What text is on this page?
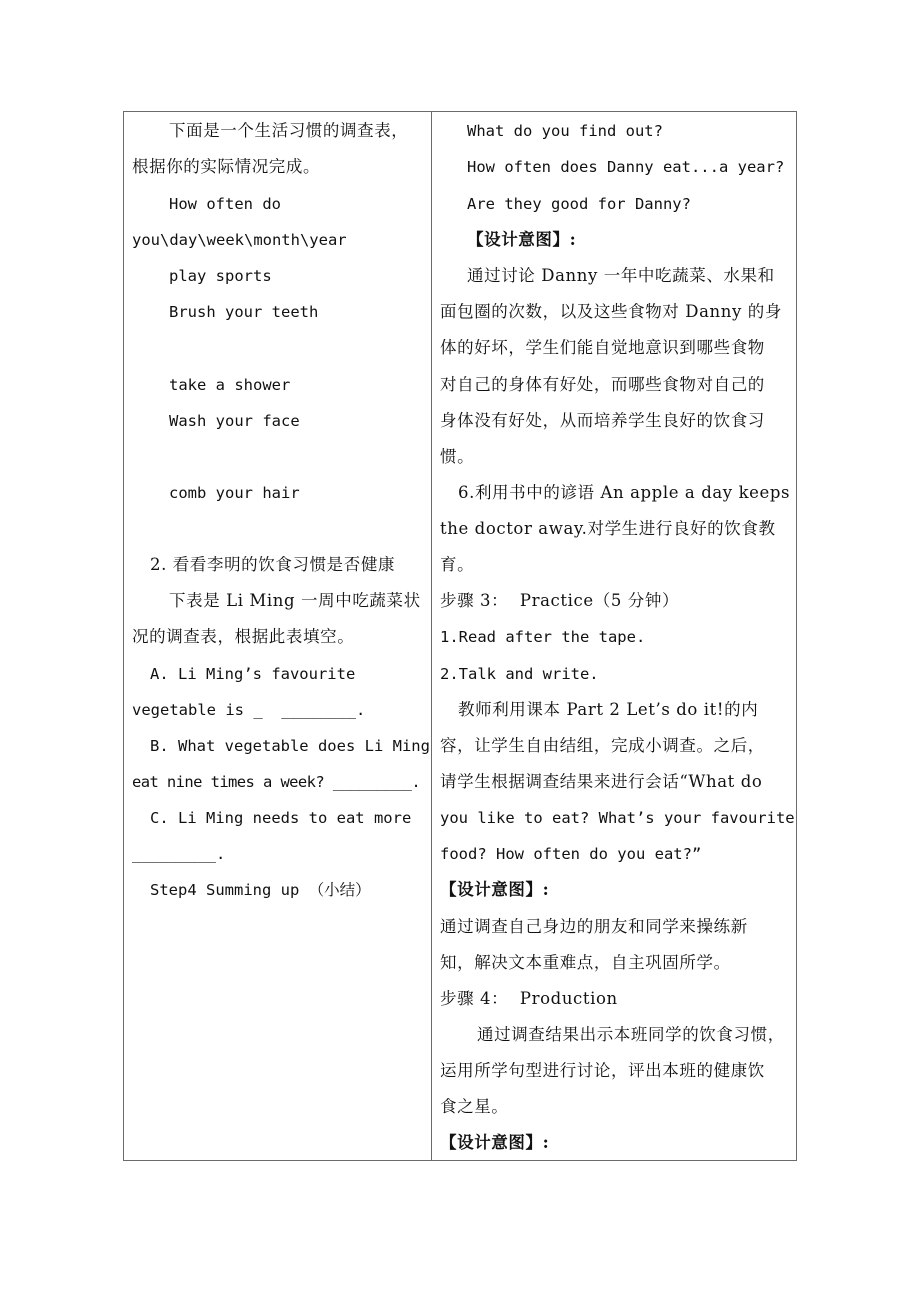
下面是一个生活习惯的调查表，
根据你的实际情况完成。
How often do
you\day\week\month\year
play sports
Brush your teeth
take a shower
Wash your face
comb your hair
2. 看看李明的饮食习惯是否健康
下表是 Li Ming 一周中吃蔬菜状
况的调查表，根据此表填空。
A. Li Ming’s favourite
vegetable is _  ________.
B. What vegetable does Li Ming
eat nine times a week? _________.
C. Li Ming needs to eat more
_________.
Step4 Summing up （小结）
What do you find out?
How often does Danny eat...a year?
Are they good for Danny?
【设计意图】:
通过讨论 Danny 一年中吃蔬菜、水果和
面包圈的次数，以及这些食物对 Danny 的身
体的好坏，学生们能自觉地意识到哪些食物
对自己的身体有好处，而哪些食物对自己的
身体没有好处，从而培养学生良好的饮食习
惯。
6.利用书中的谚语 An apple a day keeps
the doctor away.对学生进行良好的饮食教
育。
步骤 3：  Practice（5 分钟）
1.Read after the tape.
2.Talk and write.
教师利用课本 Part 2 Let’s do it!的内
容，让学生自由结组，完成小调查。之后，
请学生根据调查结果来进行会话“What do
you like to eat? What’s your favourite
food? How often do you eat?”
【设计意图】:
通过调查自己身边的朋友和同学来操练新
知，解决文本重难点，自主巩固所学。
步骤 4：  Production
通过调查结果出示本班同学的饮食习惯，
运用所学句型进行讨论，评出本班的健康饮
食之星。
【设计意图】:
